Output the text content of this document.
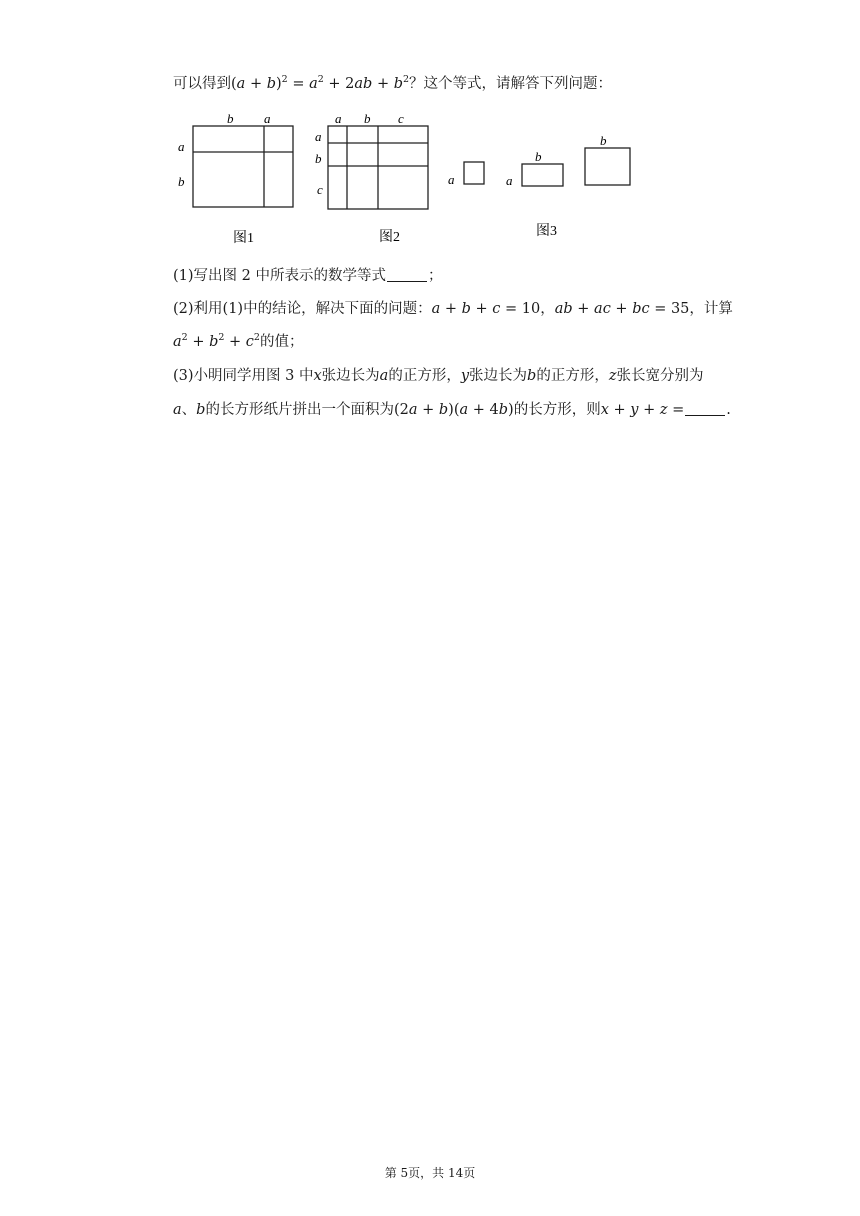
可以得到$(a + b)^2 = a^2 + 2ab + b^2$？这个等式，请解答下列问题：
b a
a
b
图1
a b c
a
b
c
图2
a
b
a
b
图3
(1)写出图 2 中所表示的数学等式	；
(2)利用(1)中的结论，解决下面的问题：a + b + c = 10，ab + ac + bc = 35，计算
$a^2 + b^2 + c^2$的值；
(3)小明同学用图 3 中x张边长为a的正方形，y张边长为b的正方形，z张长宽分别为
a、b的长方形纸片拼出一个面积为(2a + b)(a + 4b)的长方形，则x + y + z =	.
第 5页，共 14页
